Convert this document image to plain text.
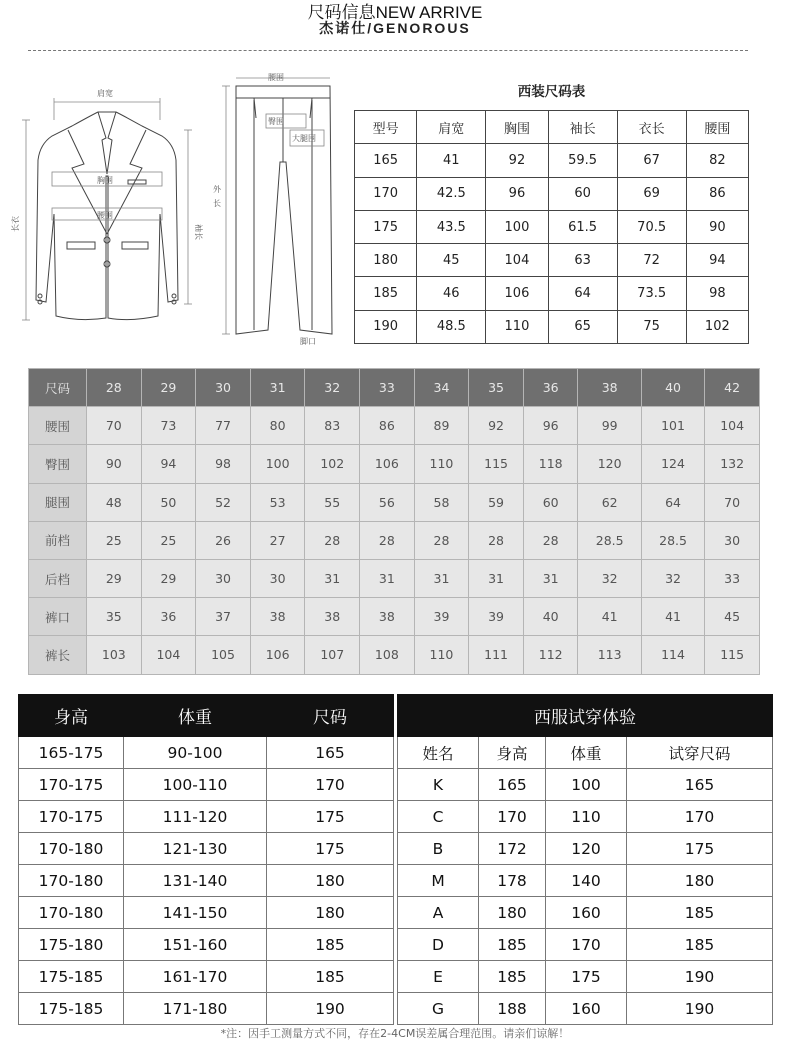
尺码信息NEW ARRIVE
杰诺仕/GENOROUS
肩宽
胸围
腰围
长衣	袖长
腰围
臀围
大腿围
外
长
脚口
西装尺码表
型号	肩宽	胸围	袖长	衣长	腰围
165	41	92	59.5	67	82
170	42.5	96	60	69	86
175	43.5	100	61.5	70.5	90
180	45	104	63	72	94
185	46	106	64	73.5	98
190	48.5	110	65	75	102
尺码	28	29	30	31	32	33	34	35	36	38	40	42
腰围	70	73	77	80	83	86	89	92	96	99	101	104
臀围	90	94	98	100	102	106	110	115	118	120	124	132
腿围	48	50	52	53	55	56	58	59	60	62	64	70
前档	25	25	26	27	28	28	28	28	28	28.5	28.5	30
后档	29	29	30	30	31	31	31	31	31	32	32	33
裤口	35	36	37	38	38	38	39	39	40	41	41	45
裤长	103	104	105	106	107	108	110	111	112	113	114	115
身高	体重	尺码
165-175	90-100	165
170-175	100-110	170
170-175	111-120	175
170-180	121-130	175
170-180	131-140	180
170-180	141-150	180
175-180	151-160	185
175-185	161-170	185
175-185	171-180	190
西服试穿体验			
姓名	身高	体重	试穿尺码
K	165	100	165
C	170	110	170
B	172	120	175
M	178	140	180
A	180	160	185
D	185	170	185
E	185	175	190
G	188	160	190
*注：因手工测量方式不同，存在2-4CM误差属合理范围。请亲们谅解！
